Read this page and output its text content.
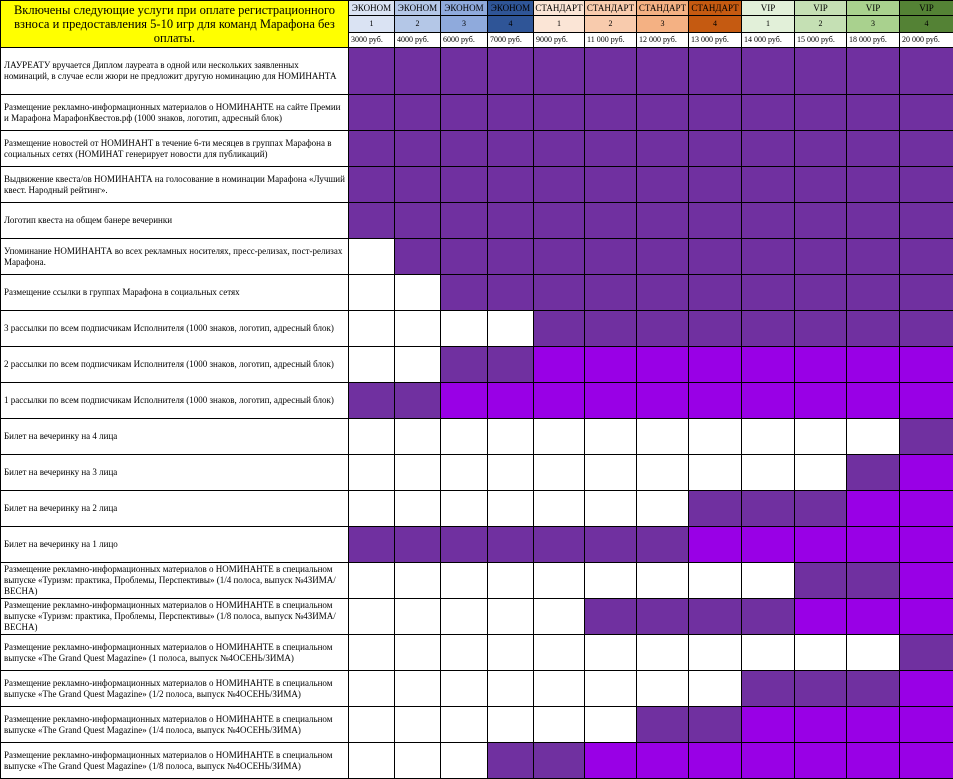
Включены следующие услуги при оплате регистрационного взноса и предоставления 5-10 игр для команд Марафона без оплаты.	ЭКОНОМ	ЭКОНОМ	ЭКОНОМ	ЭКОНОМ	СТАНДАРТ	СТАНДАРТ	СТАНДАРТ	СТАНДАРТ	VIP	VIP	VIP	VIP
	1	2	3	4	1	2	3	4	1	2	3	4
	3000 руб.	4000 руб.	6000 руб.	7000 руб.	9000 руб.	11 000 руб.	12 000 руб.	13 000 руб.	14 000 руб.	15 000 руб.	18 000 руб.	20 000 руб.
ЛАУРЕАТУ вручается Диплом лауреата в одной или нескольких заявленных номинаций, в случае если жюри не предложит другую номинацию для НОМИНАНТА												
Размещение рекламно-информационных материалов о НОМИНАНТЕ на сайте Премии и Марафона МарафонКвестов.рф (1000 знаков, логотип, адресный блок)												
Размещение новостей от НОМИНАНТ в течение 6-ти месяцев в группах Марафона в социальных сетях (НОМИНАТ генерирует новости для публикаций)												
Выдвижение квеста/ов НОМИНАНТА на голосование в номинации Марафона «Лучший квест. Народный рейтинг».												
Логотип квеста на общем банере вечеринки												
Упоминание НОМИНАНТА во всех рекламных носителях, пресс-релизах, пост-релизах Марафона.												
Размещение ссылки в группах Марафона в социальных сетях												
3 рассылки по всем подписчикам Исполнителя (1000 знаков, логотип, адресный блок)												
2 рассылки по всем подписчикам Исполнителя (1000 знаков, логотип, адресный блок)												
1 рассылки по всем подписчикам Исполнителя (1000 знаков, логотип, адресный блок)												
Билет на вечеринку на 4 лица												
Билет на вечеринку на 3 лица												
Билет на вечеринку на 2 лица												
Билет на вечеринку на 1 лицо												
Размещение рекламно-информационных материалов о НОМИНАНТЕ в специальном выпуске «Туризм: практика, Проблемы, Перспективы» (1/4 полоса, выпуск №4ЗИМА/ВЕСНА)												
Размещение рекламно-информационных материалов о НОМИНАНТЕ в специальном выпуске «Туризм: практика, Проблемы, Перспективы» (1/8 полоса, выпуск №4ЗИМА/ВЕСНА)												
Размещение рекламно-информационных материалов о НОМИНАНТЕ в специальном выпуске «The Grand Quest Magazine» (1 полоса, выпуск №4ОСЕНЬ/ЗИМА)												
Размещение рекламно-информационных материалов о НОМИНАНТЕ в специальном выпуске «The Grand Quest Magazine» (1/2 полоса, выпуск №4ОСЕНЬ/ЗИМА)												
Размещение рекламно-информационных материалов о НОМИНАНТЕ в специальном выпуске «The Grand Quest Magazine» (1/4 полоса, выпуск №4ОСЕНЬ/ЗИМА)												
Размещение рекламно-информационных материалов о НОМИНАНТЕ в специальном выпуске «The Grand Quest Magazine» (1/8 полоса, выпуск №4ОСЕНЬ/ЗИМА)												
